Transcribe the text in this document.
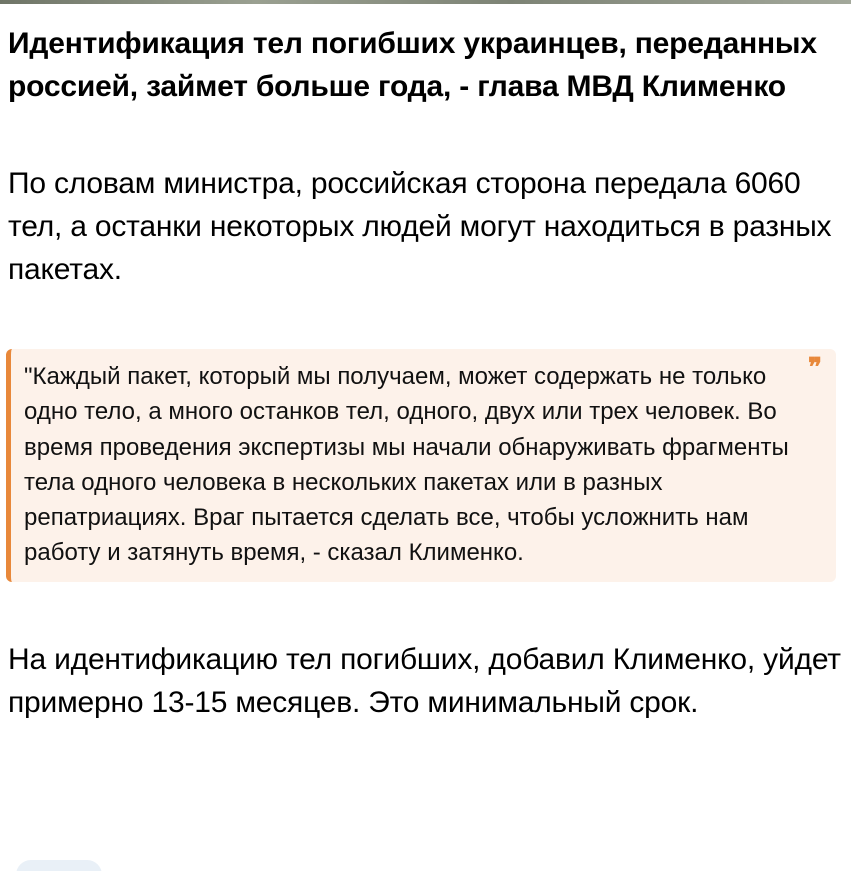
Идентификация тел погибших украинцев, переданных россией, займет больше года, - глава МВД Клименко

По словам министра, российская сторона передала 6060 тел, а останки некоторых людей могут находиться в разных пакетах.

❞
"Каждый пакет, который мы получаем, может содержать не только одно тело, а много останков тел, одного, двух или трех человек. Во время проведения экспертизы мы начали обнаруживать фрагменты тела одного человека в нескольких пакетах или в разных репатриациях. Враг пытается сделать все, чтобы усложнить нам работу и затянуть время, - сказал Клименко.

На идентификацию тел погибших, добавил Клименко, уйдет примерно 13-15 месяцев. Это минимальный срок.
